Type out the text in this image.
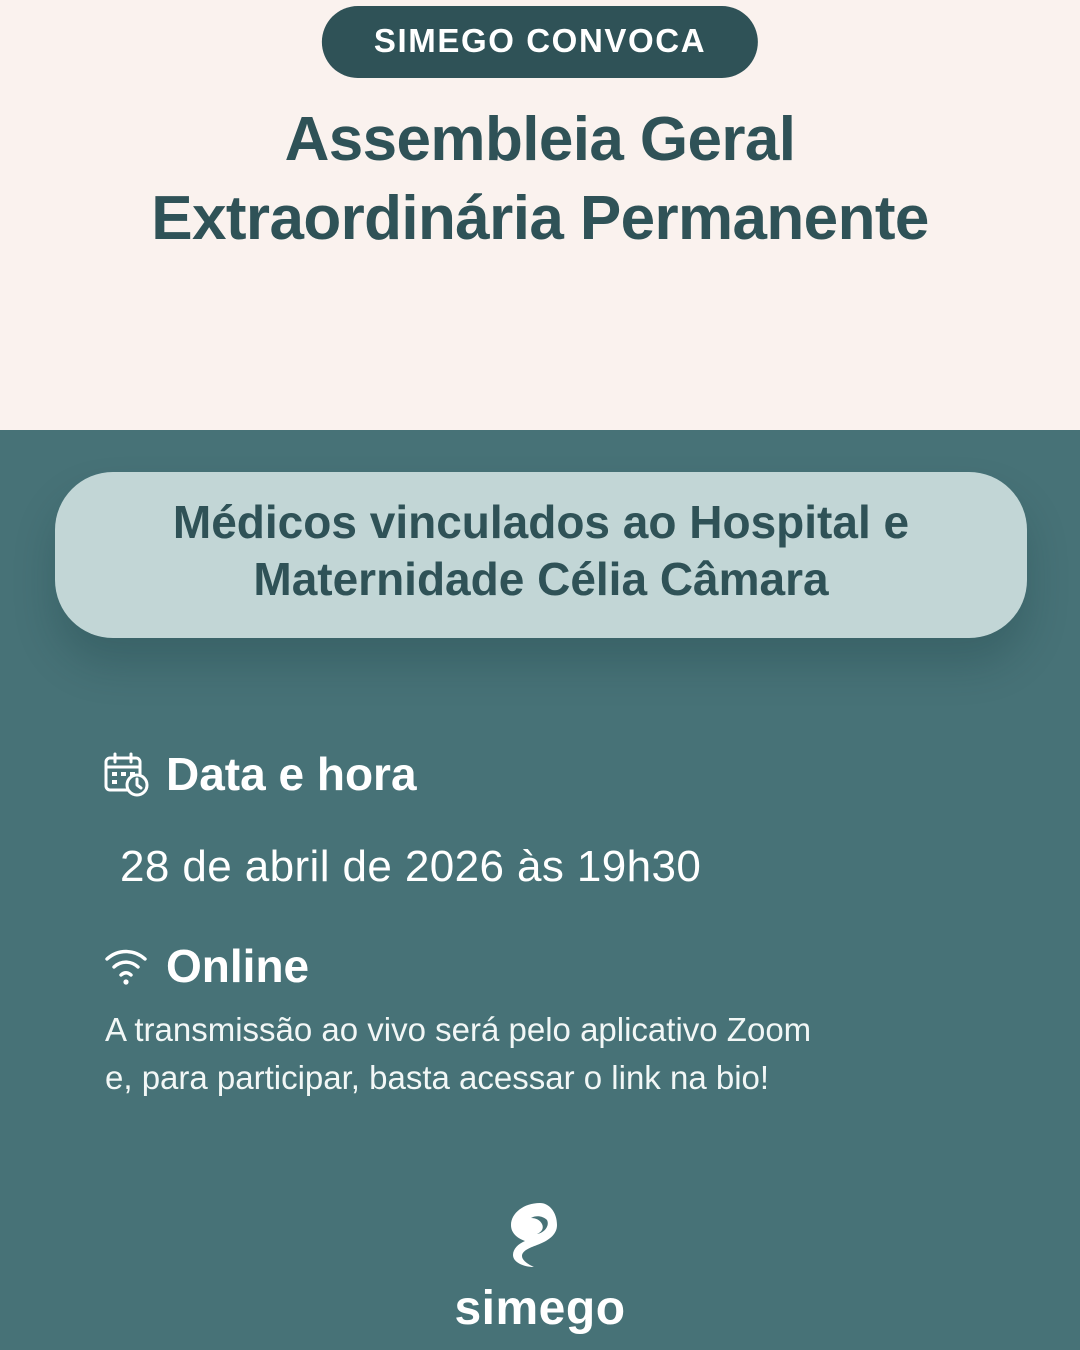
SIMEGO CONVOCA
Assembleia Geral
Extraordinária Permanente
Médicos vinculados ao Hospital e
Maternidade Célia Câmara
Data e hora
28 de abril de 2026 às 19h30
Online
A transmissão ao vivo será pelo aplicativo Zoom
e, para participar, basta acessar o link na bio!
simego
